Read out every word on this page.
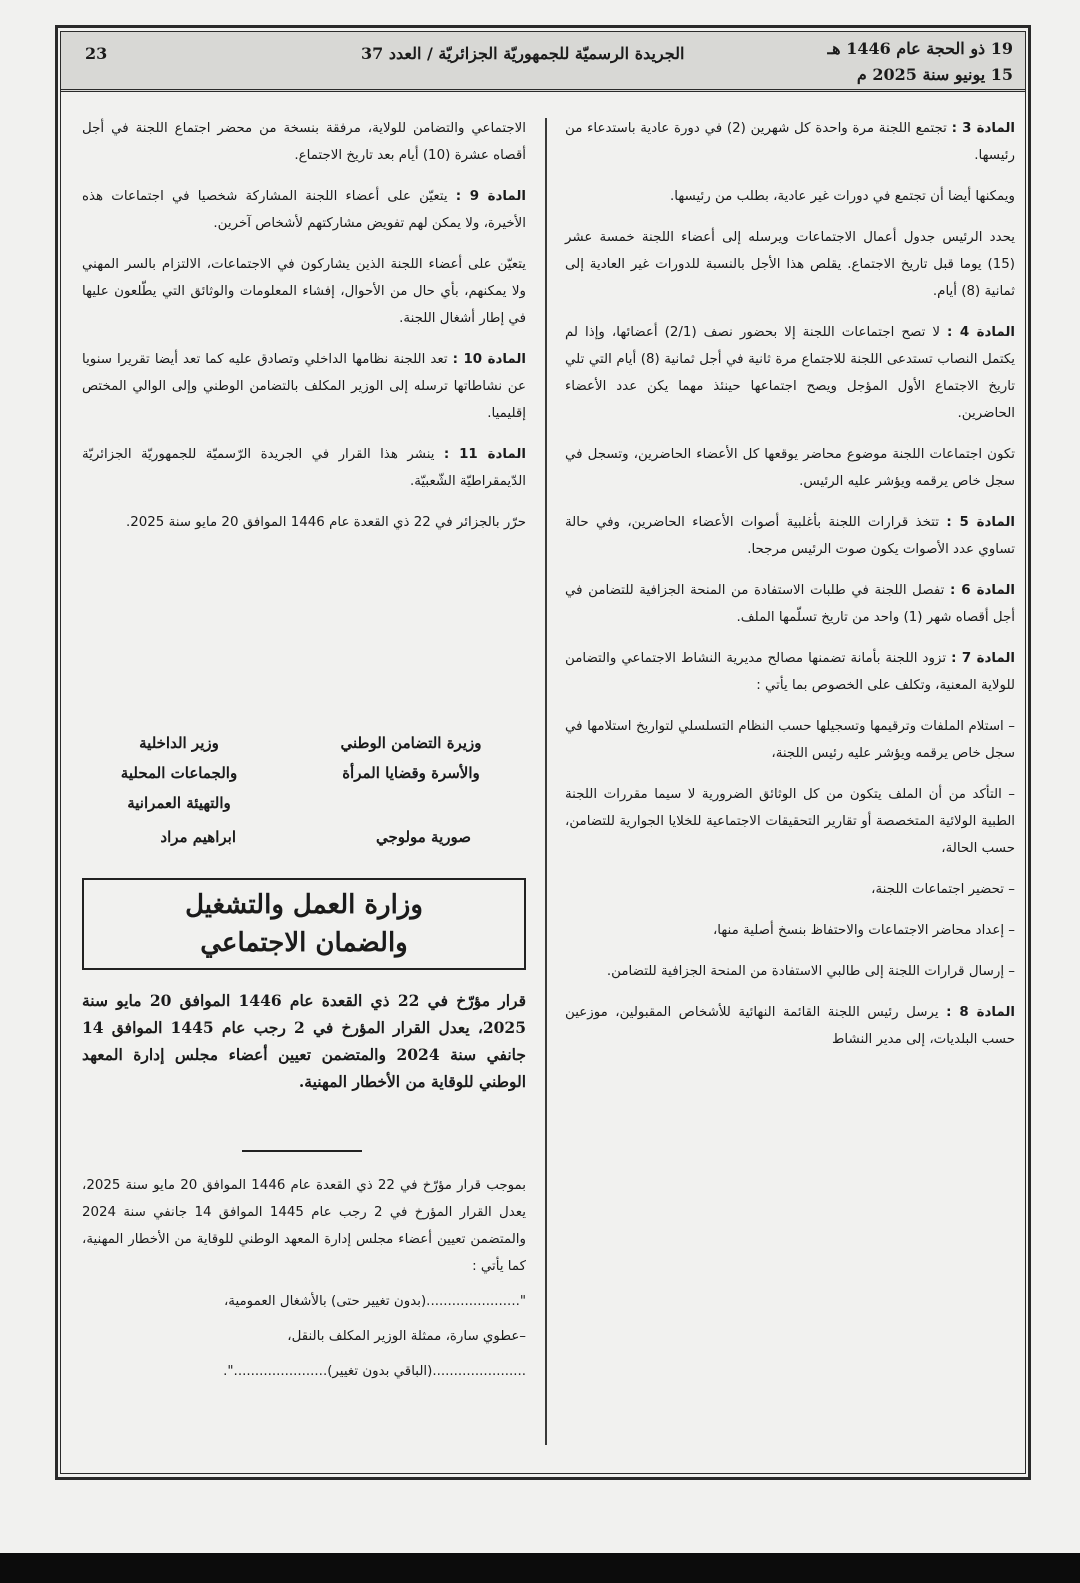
19 ذو الحجة عام 1446 هـ
15 يونيو سنة 2025 م
الجريدة الرسميّة للجمهوريّة الجزائريّة / العدد 37
23

المادة 3 : تجتمع اللجنة مرة واحدة كل شهرين (2) في دورة عادية باستدعاء من رئيسها.

ويمكنها أيضا أن تجتمع في دورات غير عادية، بطلب من رئيسها.

يحدد الرئيس جدول أعمال الاجتماعات ويرسله إلى أعضاء اللجنة خمسة عشر (15) يوما قبل تاريخ الاجتماع. يقلص هذا الأجل بالنسبة للدورات غير العادية إلى ثمانية (8) أيام.

المادة 4 : لا تصح اجتماعات اللجنة إلا بحضور نصف (2/1) أعضائها، وإذا لم يكتمل النصاب تستدعى اللجنة للاجتماع مرة ثانية في أجل ثمانية (8) أيام التي تلي تاريخ الاجتماع الأول المؤجل ويصح اجتماعها حينئذ مهما يكن عدد الأعضاء الحاضرين.

تكون اجتماعات اللجنة موضوع محاضر يوقعها كل الأعضاء الحاضرين، وتسجل في سجل خاص يرقمه ويؤشر عليه الرئيس.

المادة 5 : تتخذ قرارات اللجنة بأغلبية أصوات الأعضاء الحاضرين، وفي حالة تساوي عدد الأصوات يكون صوت الرئيس مرجحا.

المادة 6 : تفصل اللجنة في طلبات الاستفادة من المنحة الجزافية للتضامن في أجل أقصاه شهر (1) واحد من تاريخ تسلّمها الملف.

المادة 7 : تزود اللجنة بأمانة تضمنها مصالح مديرية النشاط الاجتماعي والتضامن للولاية المعنية، وتكلف على الخصوص بما يأتي :

– استلام الملفات وترقيمها وتسجيلها حسب النظام التسلسلي لتواريخ استلامها في سجل خاص يرقمه ويؤشر عليه رئيس اللجنة،

– التأكد من أن الملف يتكون من كل الوثائق الضرورية لا سيما مقررات اللجنة الطبية الولائية المتخصصة أو تقارير التحقيقات الاجتماعية للخلايا الجوارية للتضامن، حسب الحالة،

– تحضير اجتماعات اللجنة،

– إعداد محاضر الاجتماعات والاحتفاظ بنسخ أصلية منها،

– إرسال قرارات اللجنة إلى طالبي الاستفادة من المنحة الجزافية للتضامن.

المادة 8 : يرسل رئيس اللجنة القائمة النهائية للأشخاص المقبولين، موزعين حسب البلديات، إلى مدير النشاط

الاجتماعي والتضامن للولاية، مرفقة بنسخة من محضر اجتماع اللجنة في أجل أقصاه عشرة (10) أيام بعد تاريخ الاجتماع.

المادة 9 : يتعيّن على أعضاء اللجنة المشاركة شخصيا في اجتماعات هذه الأخيرة، ولا يمكن لهم تفويض مشاركتهم لأشخاص آخرين.

يتعيّن على أعضاء اللجنة الذين يشاركون في الاجتماعات، الالتزام بالسر المهني ولا يمكنهم، بأي حال من الأحوال، إفشاء المعلومات والوثائق التي يطّلعون عليها في إطار أشغال اللجنة.

المادة 10 : تعد اللجنة نظامها الداخلي وتصادق عليه كما تعد أيضا تقريرا سنويا عن نشاطاتها ترسله إلى الوزير المكلف بالتضامن الوطني وإلى الوالي المختص إقليميا.

المادة 11 : ينشر هذا القرار في الجريدة الرّسميّة للجمهوريّة الجزائريّة الدّيمقراطيّة الشّعبيّة.

حرّر بالجزائر في 22 ذي القعدة عام 1446 الموافق 20 مايو سنة 2025.

وزيرة التضامن الوطني
والأسرة وقضايا المرأة
وزير الداخلية
والجماعات المحلية
والتهيئة العمرانية
صورية مولوجي
ابراهيم مراد
وزارة العمل والتشغيل
والضمان الاجتماعي
قرار مؤرّخ في 22 ذي القعدة عام 1446 الموافق 20 مايو سنة 2025، يعدل القرار المؤرخ في 2 رجب عام 1445 الموافق 14 جانفي سنة 2024 والمتضمن تعيين أعضاء مجلس إدارة المعهد الوطني للوقاية من الأخطار المهنية.

بموجب قرار مؤرّخ في 22 ذي القعدة عام 1446 الموافق 20 مايو سنة 2025، يعدل القرار المؤرخ في 2 رجب عام 1445 الموافق 14 جانفي سنة 2024 والمتضمن تعيين أعضاء مجلس إدارة المعهد الوطني للوقاية من الأخطار المهنية، كما يأتي :

"......................(بدون تغيير حتى) بالأشغال العمومية،

–عطوي سارة، ممثلة الوزير المكلف بالنقل،

......................(الباقي بدون تغيير)......................".
